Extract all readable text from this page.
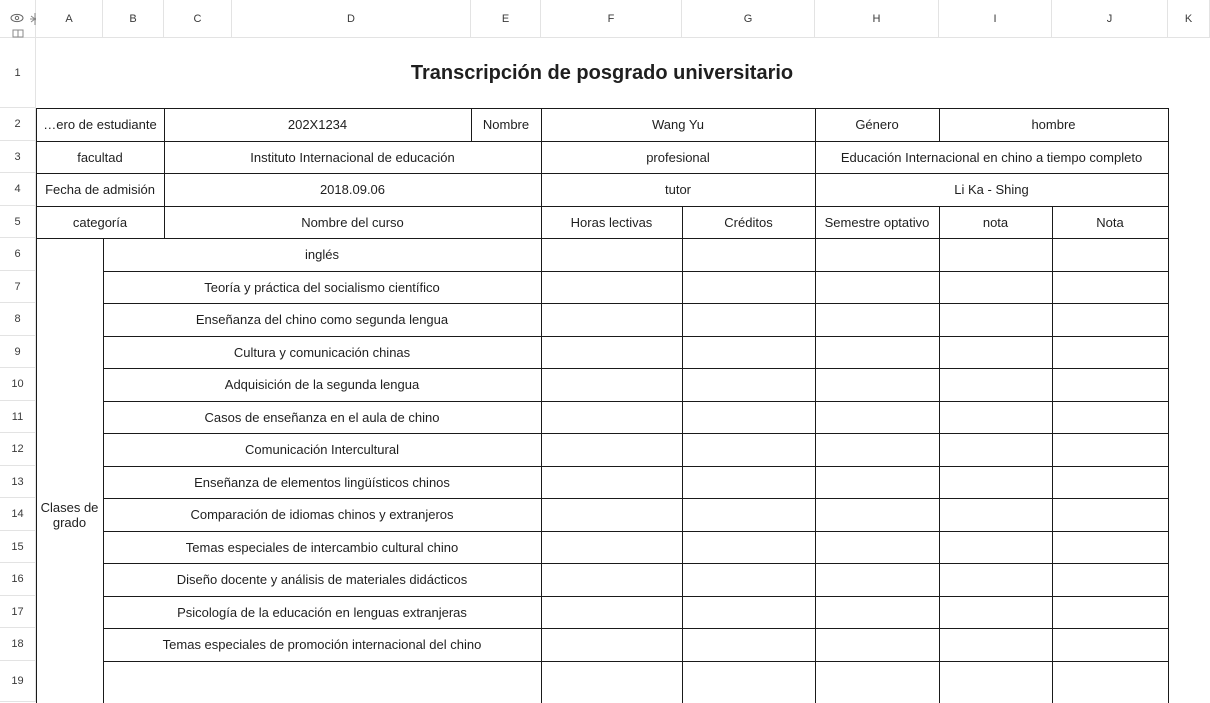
A	B	C	D	E	F	G	H	I	J	K
1
2
3
4
5
6
7
8
9
10
11
12
13
14
15
16
17
18
19
Transcripción de posgrado universitario
…ero de estudiante	202X1234	Nombre	Wang Yu	Género	hombre
facultad	Instituto Internacional de educación	profesional	Educación Internacional en chino a tiempo completo
Fecha de admisión	2018.09.06	tutor	Li Ka - Shing
categoría	Nombre del curso	Horas lectivas	Créditos	Semestre optativo	nota	Nota
Clases de grado
inglés
Teoría y práctica del socialismo científico
Enseñanza del chino como segunda lengua
Cultura y comunicación chinas
Adquisición de la segunda lengua
Casos de enseñanza en el aula de chino
Comunicación Intercultural
Enseñanza de elementos lingüísticos chinos
Comparación de idiomas chinos y extranjeros
Temas especiales de intercambio cultural chino
Diseño docente y análisis de materiales didácticos
Psicología de la educación en lenguas extranjeras
Temas especiales de promoción internacional del chino
